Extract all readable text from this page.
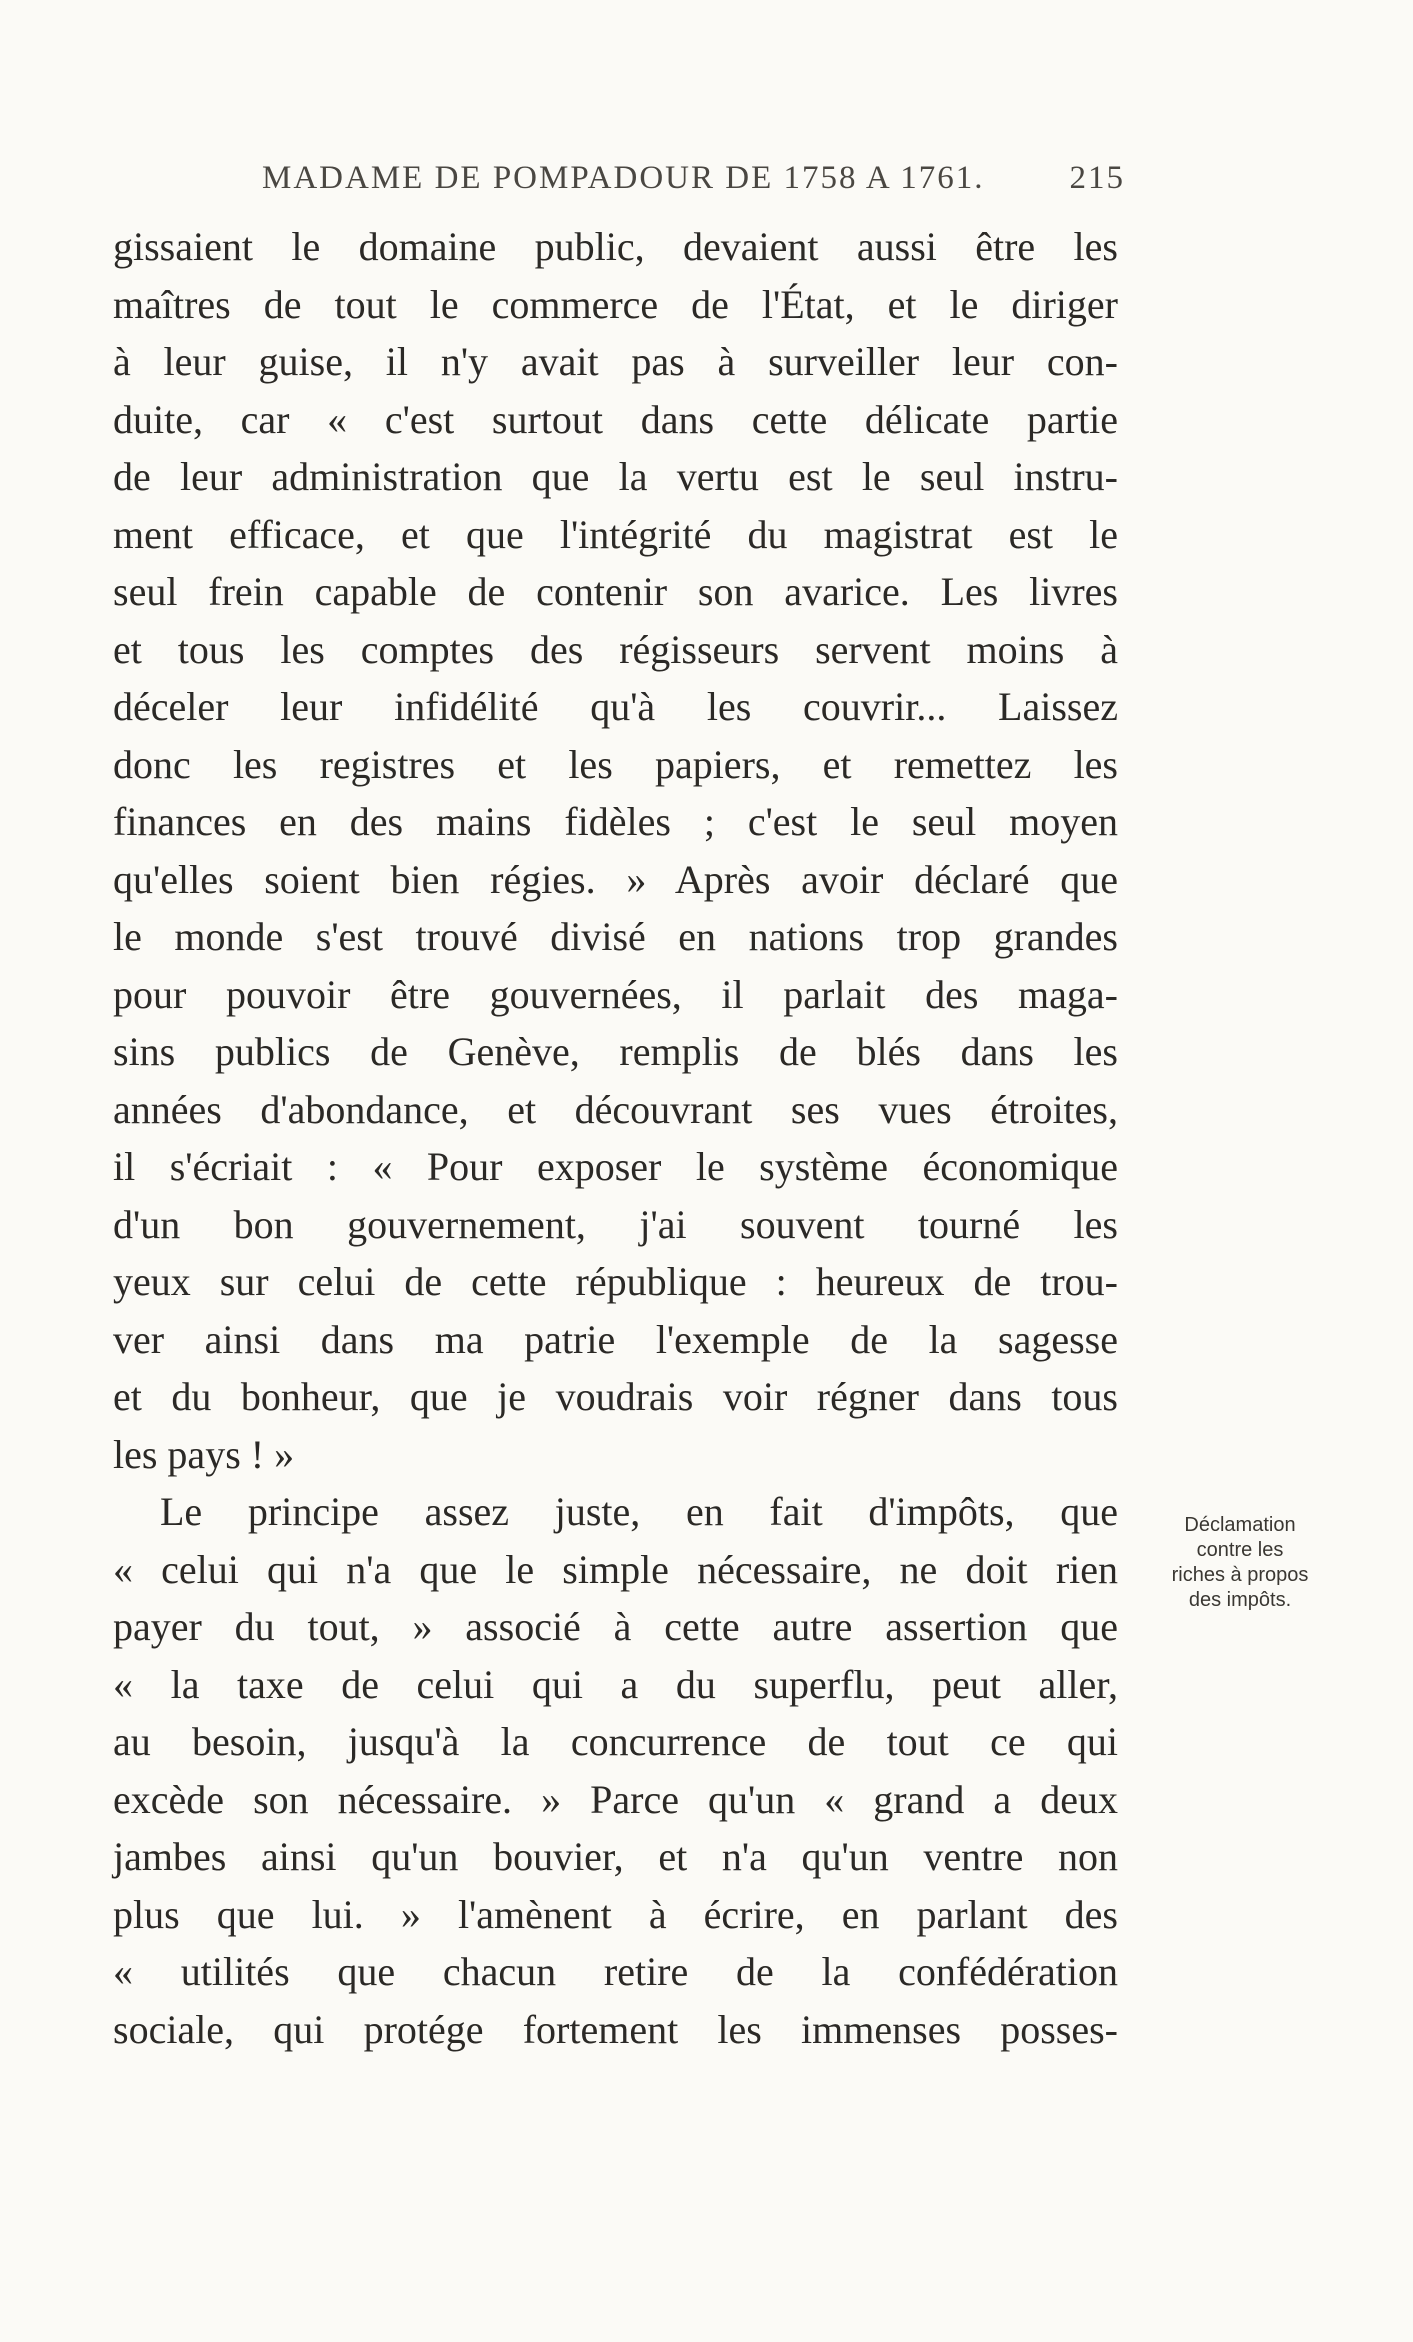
MADAME DE POMPADOUR DE 1758 A 1761.	215
gissaient le domaine public, devaient aussi être les
maîtres de tout le commerce de l'État, et le diriger
à leur guise, il n'y avait pas à surveiller leur con-
duite, car « c'est surtout dans cette délicate partie
de leur administration que la vertu est le seul instru-
ment efficace, et que l'intégrité du magistrat est le
seul frein capable de contenir son avarice. Les livres
et tous les comptes des régisseurs servent moins à
déceler leur infidélité qu'à les couvrir... Laissez
donc les registres et les papiers, et remettez les
finances en des mains fidèles ; c'est le seul moyen
qu'elles soient bien régies. » Après avoir déclaré que
le monde s'est trouvé divisé en nations trop grandes
pour pouvoir être gouvernées, il parlait des maga-
sins publics de Genève, remplis de blés dans les
années d'abondance, et découvrant ses vues étroites,
il s'écriait : « Pour exposer le système économique
d'un bon gouvernement, j'ai souvent tourné les
yeux sur celui de cette république : heureux de trou-
ver ainsi dans ma patrie l'exemple de la sagesse
et du bonheur, que je voudrais voir régner dans tous
les pays ! »
Le principe assez juste, en fait d'impôts, que
« celui qui n'a que le simple nécessaire, ne doit rien
payer du tout, » associé à cette autre assertion que
« la taxe de celui qui a du superflu, peut aller,
au besoin, jusqu'à la concurrence de tout ce qui
excède son nécessaire. » Parce qu'un « grand a deux
jambes ainsi qu'un bouvier, et n'a qu'un ventre non
plus que lui. » l'amènent à écrire, en parlant des
« utilités que chacun retire de la confédération
sociale, qui protége fortement les immenses posses-
Déclamation
contre les
riches à propos
des impôts.
